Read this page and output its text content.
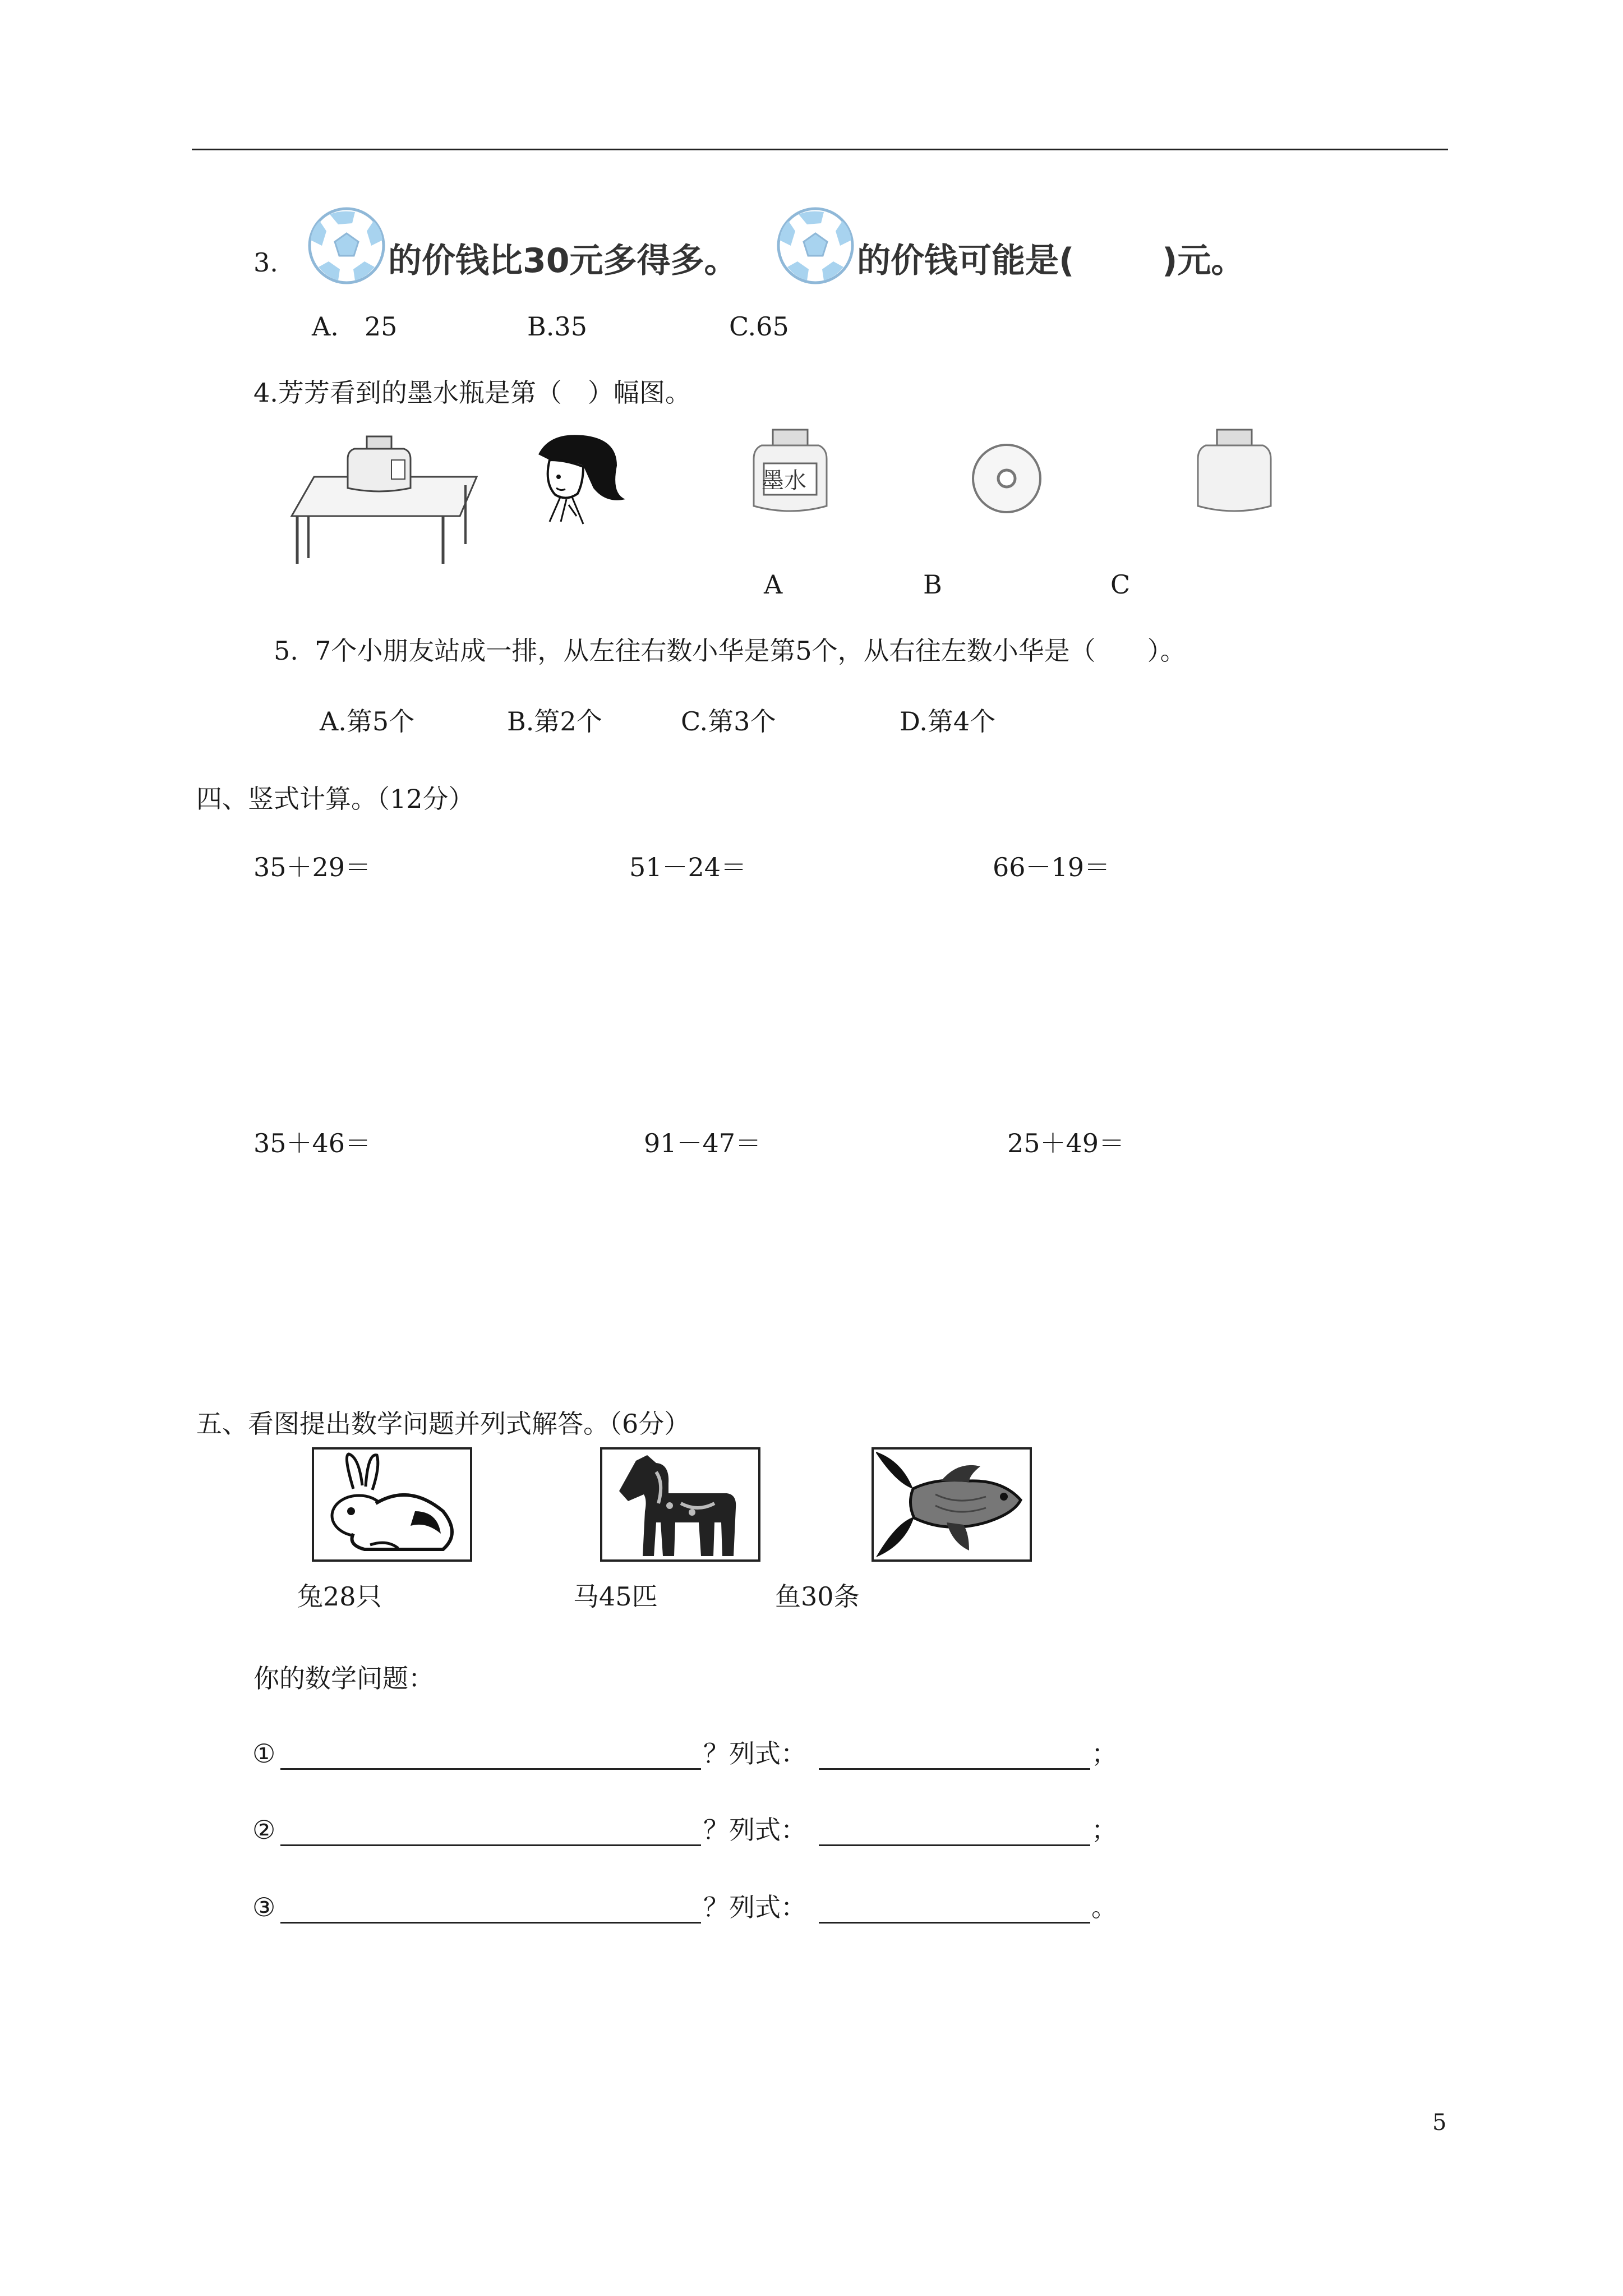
3.	的价钱比30元多得多。	的价钱可能是(	)元。
A.　25	B.35	C.65
4.芳芳看到的墨水瓶是第（　）幅图。
墨水
A	B	C
5.  7个小朋友站成一排，从左往右数小华是第5个，从右往左数小华是（　　）。
A.第5个	B.第2个	C.第3个	D.第4个
四、竖式计算。（12分）
35＋29＝	51－24＝	66－19＝
35＋46＝	91－47＝	25＋49＝
五、看图提出数学问题并列式解答。（6分）
兔28只	马45匹	鱼30条
你的数学问题：
①	？列式：	；
②	？列式：	；
③	？列式：	。
5
